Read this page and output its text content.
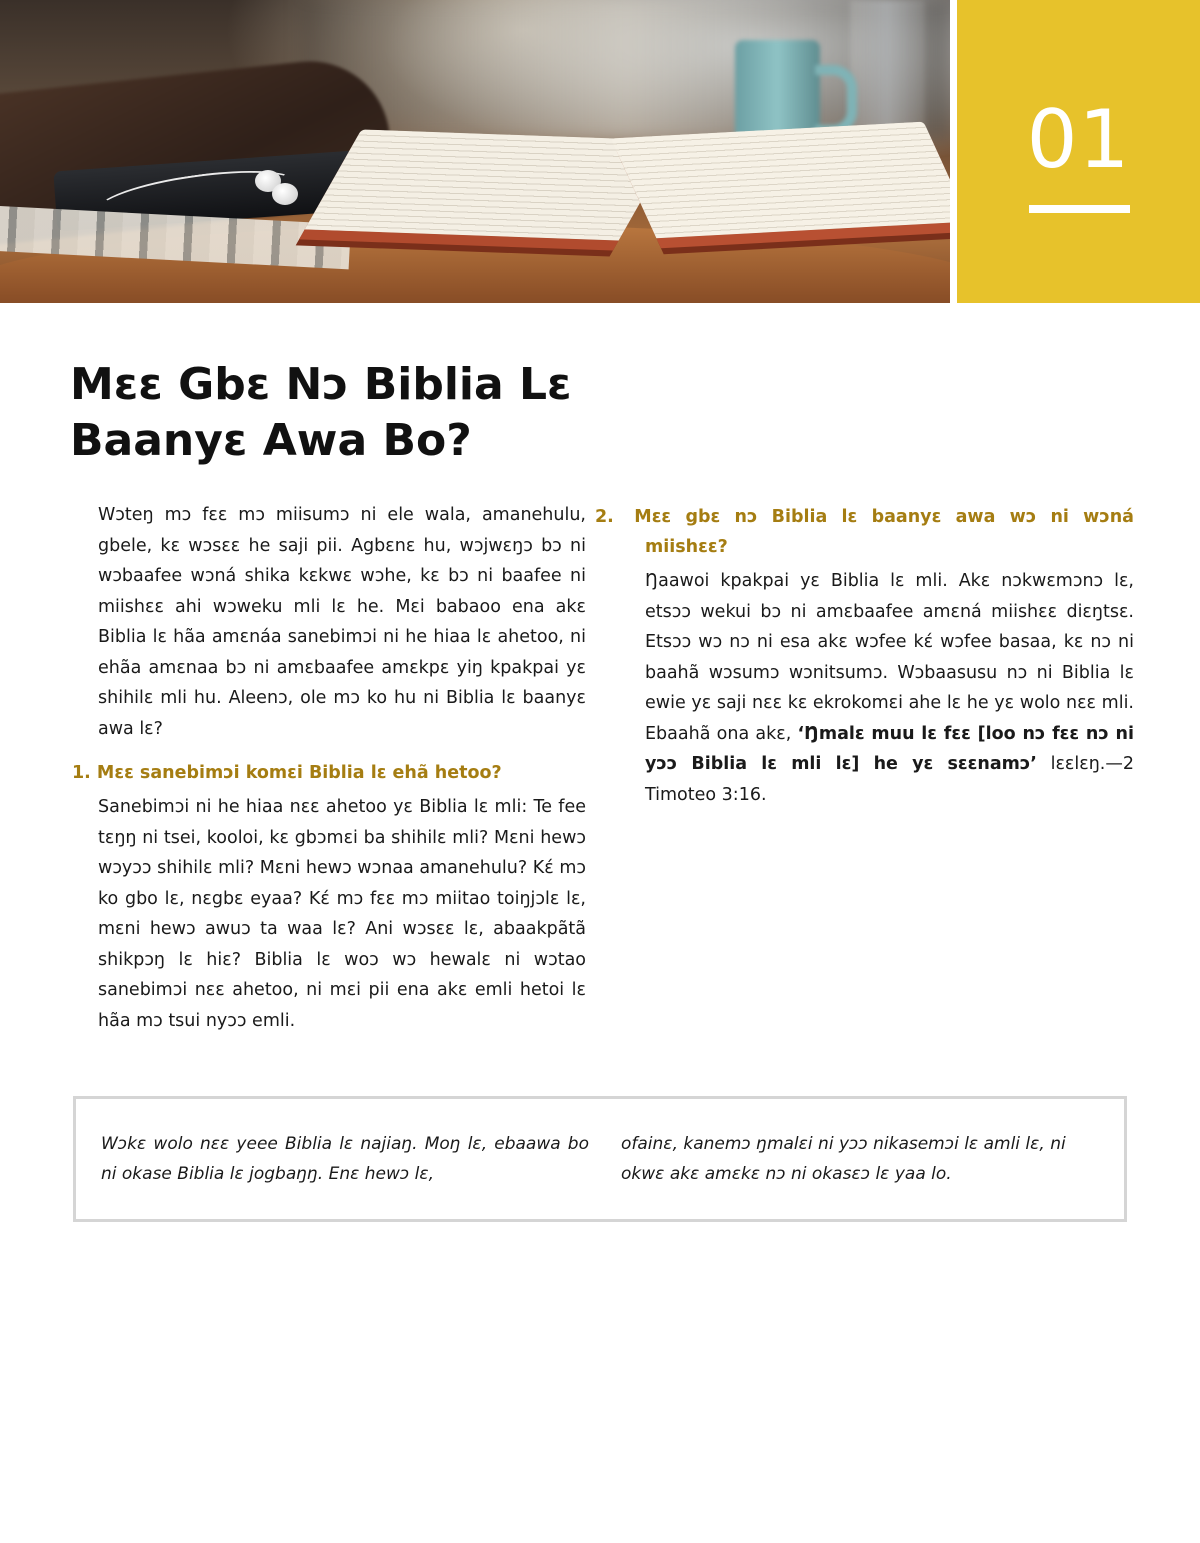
01
Mɛɛ Gbɛ Nɔ Biblia Lɛ Baanyɛ Awa Bo?

Wɔteŋ mɔ fɛɛ mɔ miisumɔ ni ele wala, amanehulu, gbele, kɛ wɔsɛɛ he saji pii. Agbɛnɛ hu, wɔjwɛŋɔ bɔ ni wɔbaafee wɔná shika kɛkwɛ wɔhe, kɛ bɔ ni baafee ni miishɛɛ ahi wɔweku mli lɛ he. Mɛi babaoo ena akɛ Biblia lɛ hãa amɛnáa sanebimɔi ni he hiaa lɛ ahetoo, ni ehãa amɛnaa bɔ ni amɛbaafee amɛkpɛ yiŋ kpakpai yɛ shihilɛ mli hu. Aleenɔ, ole mɔ ko hu ni Biblia lɛ baanyɛ awa lɛ?

1. Mɛɛ sanebimɔi komɛi Biblia lɛ ehã hetoo?

Sanebimɔi ni he hiaa nɛɛ ahetoo yɛ Biblia lɛ mli: Te fee tɛŋŋ ni tsei, kooloi, kɛ gbɔmɛi ba shihilɛ mli? Mɛni hewɔ wɔyɔɔ shihilɛ mli? Mɛni hewɔ wɔnaa amanehulu? Kɛ́ mɔ ko gbo lɛ, nɛgbɛ eyaa? Kɛ́ mɔ fɛɛ mɔ miitao toiŋjɔlɛ lɛ, mɛni hewɔ awuɔ ta waa lɛ? Ani wɔsɛɛ lɛ, abaakpãtã shikpɔŋ lɛ hiɛ? Biblia lɛ woɔ wɔ hewalɛ ni wɔtao sanebimɔi nɛɛ ahetoo, ni mɛi pii ena akɛ emli hetoi lɛ hãa mɔ tsui nyɔɔ emli.

2. Mɛɛ gbɛ nɔ Biblia lɛ baanyɛ awa wɔ ni wɔná miishɛɛ?

Ŋaawoi kpakpai yɛ Biblia lɛ mli. Akɛ nɔkwɛmɔnɔ lɛ, etsɔɔ wekui bɔ ni amɛbaafee amɛná miishɛɛ diɛŋtsɛ. Etsɔɔ wɔ nɔ ni esa akɛ wɔfee kɛ́ wɔfee basaa, kɛ nɔ ni baahã wɔsumɔ wɔnitsumɔ. Wɔbaasusu nɔ ni Biblia lɛ ewie yɛ saji nɛɛ kɛ ekrokomɛi ahe lɛ he yɛ wolo nɛɛ mli. Ebaahã ona akɛ, ‘Ŋmalɛ muu lɛ fɛɛ [loo nɔ fɛɛ nɔ ni yɔɔ Biblia lɛ mli lɛ] he yɛ sɛɛnamɔ’ lɛɛlɛŋ.—2 Timoteo 3:16.

Wɔkɛ wolo nɛɛ yeee Biblia lɛ najiaŋ. Moŋ lɛ, ebaawa bo ni okase Biblia lɛ jogbaŋŋ. Enɛ hewɔ lɛ,

ofainɛ, kanemɔ ŋmalɛi ni yɔɔ nikasemɔi lɛ amli lɛ, ni okwɛ akɛ amɛkɛ nɔ ni okasɛɔ lɛ yaa lo.
